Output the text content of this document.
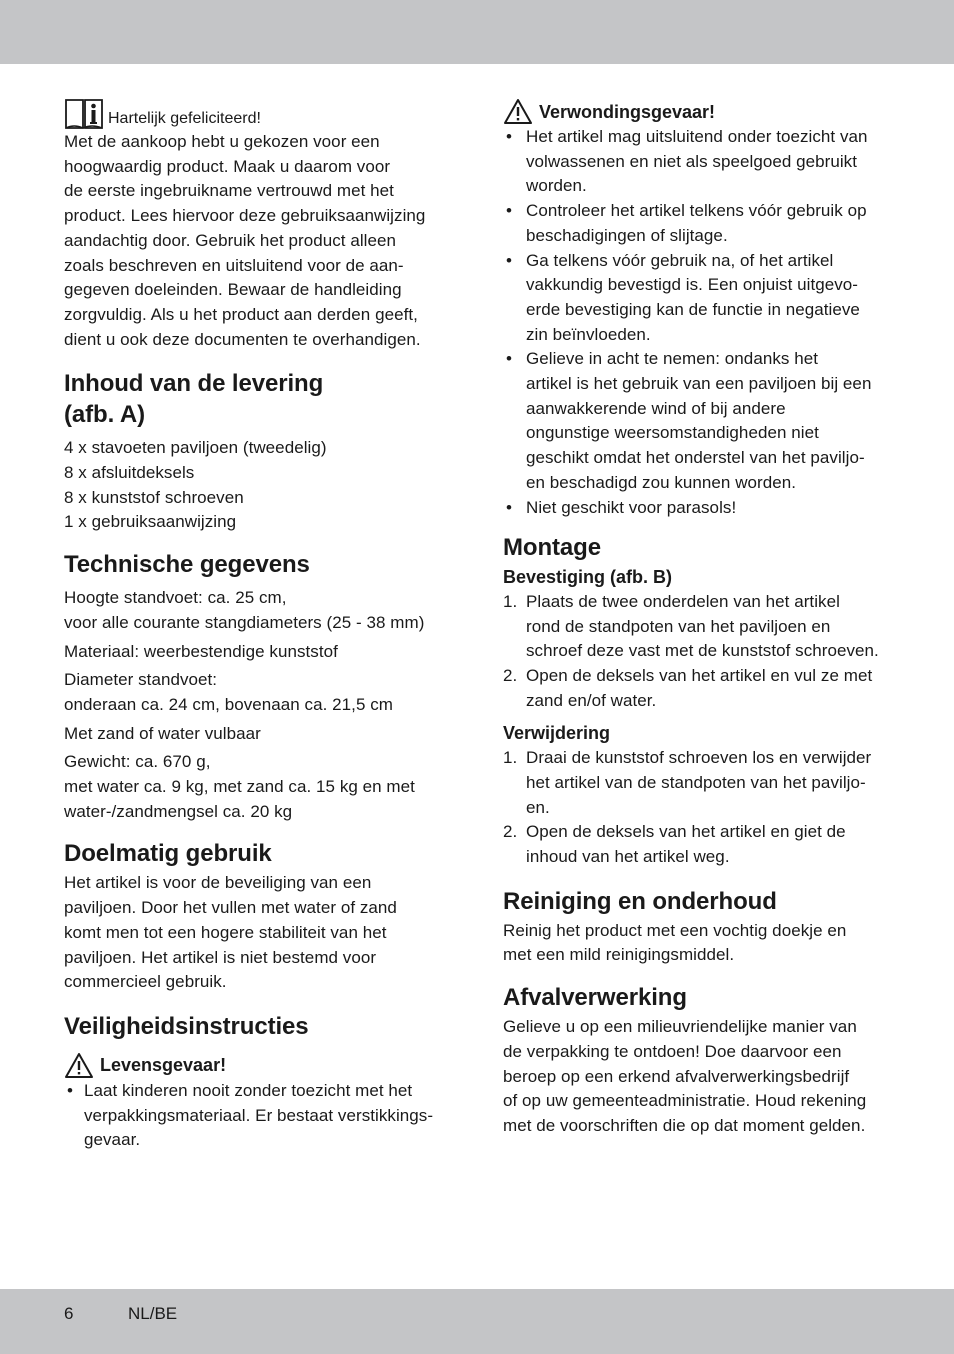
Hartelijk gefeliciteerd!

Met de aankoop hebt u gekozen voor een
hoogwaardig product. Maak u daarom voor
de eerste ingebruikname vertrouwd met het
product. Lees hiervoor deze gebruiksaanwijzing
aandachtig door. Gebruik het product alleen
zoals beschreven en uitsluitend voor de aan-
gegeven doeleinden. Bewaar de handleiding
zorgvuldig. Als u het product aan derden geeft,
dient u ook deze documenten te overhandigen.

Inhoud van de levering
(afb. A)

4 x stavoeten paviljoen (tweedelig)
8 x afsluitdeksels
8 x kunststof schroeven
1 x gebruiksaanwijzing

Technische gegevens

Hoogte standvoet: ca. 25 cm,
voor alle courante stangdiameters (25 - 38 mm)

Materiaal: weerbestendige kunststof

Diameter standvoet:
onderaan ca. 24 cm, bovenaan ca. 21,5 cm

Met zand of water vulbaar

Gewicht: ca. 670 g,
met water ca. 9 kg, met zand ca. 15 kg en met
water-/zandmengsel ca. 20 kg

Doelmatig gebruik

Het artikel is voor de beveiliging van een
paviljoen. Door het vullen met water of zand
komt men tot een hogere stabiliteit van het
paviljoen. Het artikel is niet bestemd voor
commercieel gebruik.

Veiligheidsinstructies
Levensgevaar!
• Laat kinderen nooit zonder toezicht met het
verpakkingsmateriaal. Er bestaat verstikkings-
gevaar.
Verwondingsgevaar!
• Het artikel mag uitsluitend onder toezicht van
volwassenen en niet als speelgoed gebruikt
worden.
• Controleer het artikel telkens vóór gebruik op
beschadigingen of slijtage.
• Ga telkens vóór gebruik na, of het artikel
vakkundig bevestigd is. Een onjuist uitgevo-
erde bevestiging kan de functie in negatieve
zin beïnvloeden.
• Gelieve in acht te nemen: ondanks het
artikel is het gebruik van een paviljoen bij een
aanwakkerende wind of bij andere
ongunstige weersomstandigheden niet
geschikt omdat het onderstel van het paviljo-
en beschadigd zou kunnen worden.
• Niet geschikt voor parasols!
Montage
Bevestiging (afb. B)
1. Plaats de twee onderdelen van het artikel
rond de standpoten van het paviljoen en
schroef deze vast met de kunststof schroeven.
2. Open de deksels van het artikel en vul ze met
zand en/of water.
Verwijdering
1. Draai de kunststof schroeven los en verwijder
het artikel van de standpoten van het paviljo-
en.
2. Open de deksels van het artikel en giet de
inhoud van het artikel weg.
Reiniging en onderhoud

Reinig het product met een vochtig doekje en
met een mild reinigingsmiddel.

Afvalverwerking

Gelieve u op een milieuvriendelijke manier van
de verpakking te ontdoen! Doe daarvoor een
beroep op een erkend afvalverwerkingsbedrijf
of op uw gemeenteadministratie. Houd rekening
met de voorschriften die op dat moment gelden.

6	NL/BE
